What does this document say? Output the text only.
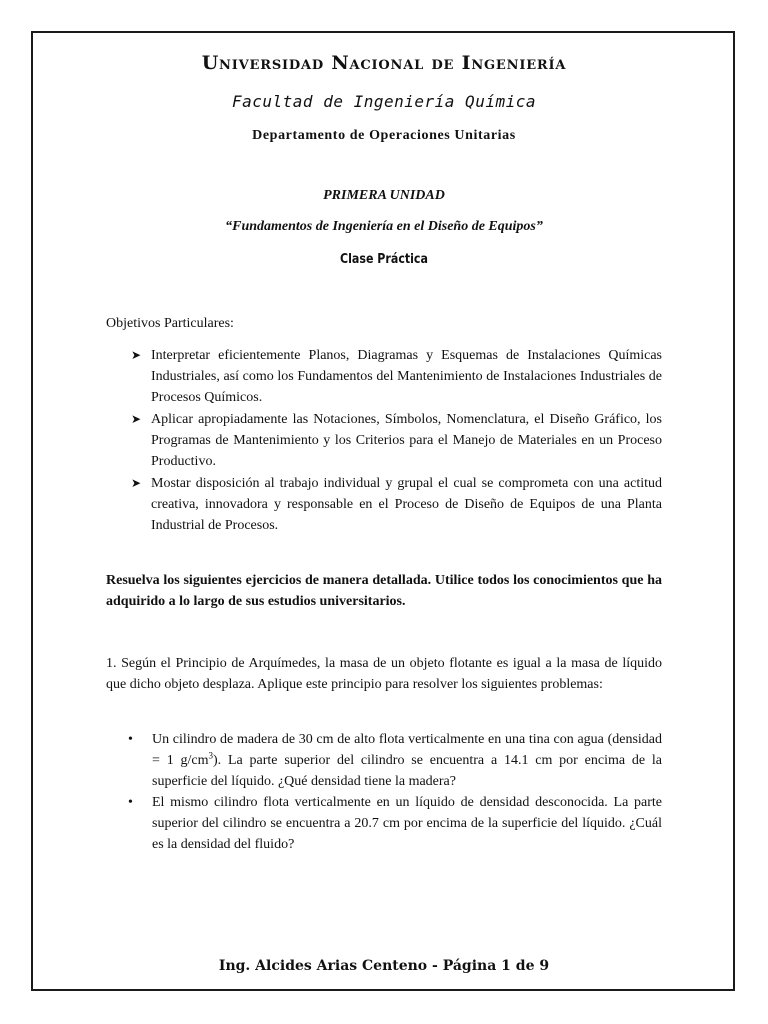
Universidad Nacional de Ingeniería
Facultad de Ingeniería Química
Departamento de Operaciones Unitarias
PRIMERA UNIDAD
“Fundamentos de Ingeniería en el Diseño de Equipos”
Clase Práctica
Objetivos Particulares:
➤ Interpretar eficientemente Planos, Diagramas y Esquemas de Instalaciones Químicas Industriales, así como los Fundamentos del Mantenimiento de Instalaciones Industriales de Procesos Químicos.
➤ Aplicar apropiadamente las Notaciones, Símbolos, Nomenclatura, el Diseño Gráfico, los Programas de Mantenimiento y los Criterios para el Manejo de Materiales en un Proceso Productivo.
➤ Mostar disposición al trabajo individual y grupal el cual se comprometa con una actitud creativa, innovadora y responsable en el Proceso de Diseño de Equipos de una Planta Industrial de Procesos.
Resuelva los siguientes ejercicios de manera detallada. Utilice todos los conocimientos que ha adquirido a lo largo de sus estudios universitarios.
1. Según el Principio de Arquímedes, la masa de un objeto flotante es igual a la masa de líquido que dicho objeto desplaza. Aplique este principio para resolver los siguientes problemas:
• Un cilindro de madera de 30 cm de alto flota verticalmente en una tina con agua (densidad = 1 $g/cm^3$). La parte superior del cilindro se encuentra a 14.1 cm por encima de la superficie del líquido. ¿Qué densidad tiene la madera?
• El mismo cilindro flota verticalmente en un líquido de densidad desconocida. La parte superior del cilindro se encuentra a 20.7 cm por encima de la superficie del líquido. ¿Cuál es la densidad del fluido?
Ing. Alcides Arias Centeno - Página 1 de 9
